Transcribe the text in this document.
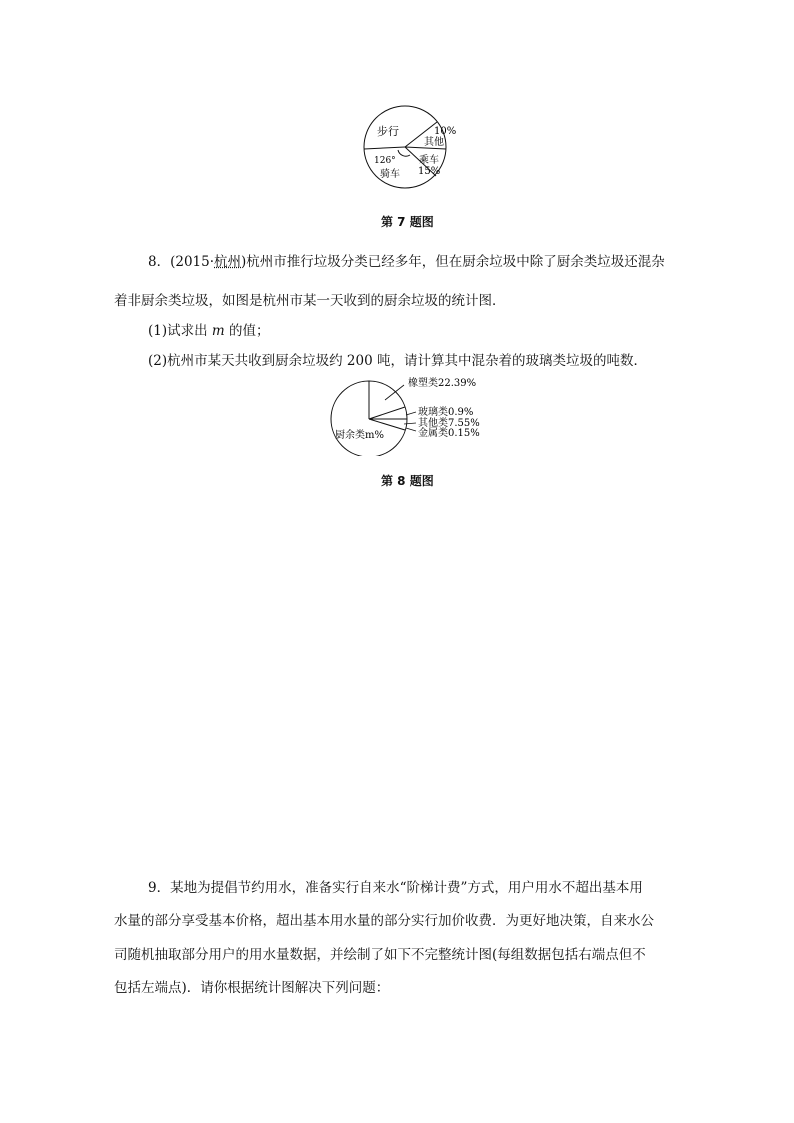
步行	10%
其他
126°
骑车
乘车
15%
第 7 题图
8．(2015·杭州)杭州市推行垃圾分类已经多年，但在厨余垃圾中除了厨余类垃圾还混杂
着非厨余类垃圾，如图是杭州市某一天收到的厨余垃圾的统计图．
(1)试求出 m 的值；
(2)杭州市某天共收到厨余垃圾约 200 吨，请计算其中混杂着的玻璃类垃圾的吨数．
橡塑类22.39%
玻璃类0.9%
其他类7.55%
金属类0.15%
厨余类m%
第 8 题图
9．某地为提倡节约用水，准备实行自来水“阶梯计费”方式，用户用水不超出基本用
水量的部分享受基本价格，超出基本用水量的部分实行加价收费．为更好地决策，自来水公
司随机抽取部分用户的用水量数据，并绘制了如下不完整统计图(每组数据包括右端点但不
包括左端点)．请你根据统计图解决下列问题：
